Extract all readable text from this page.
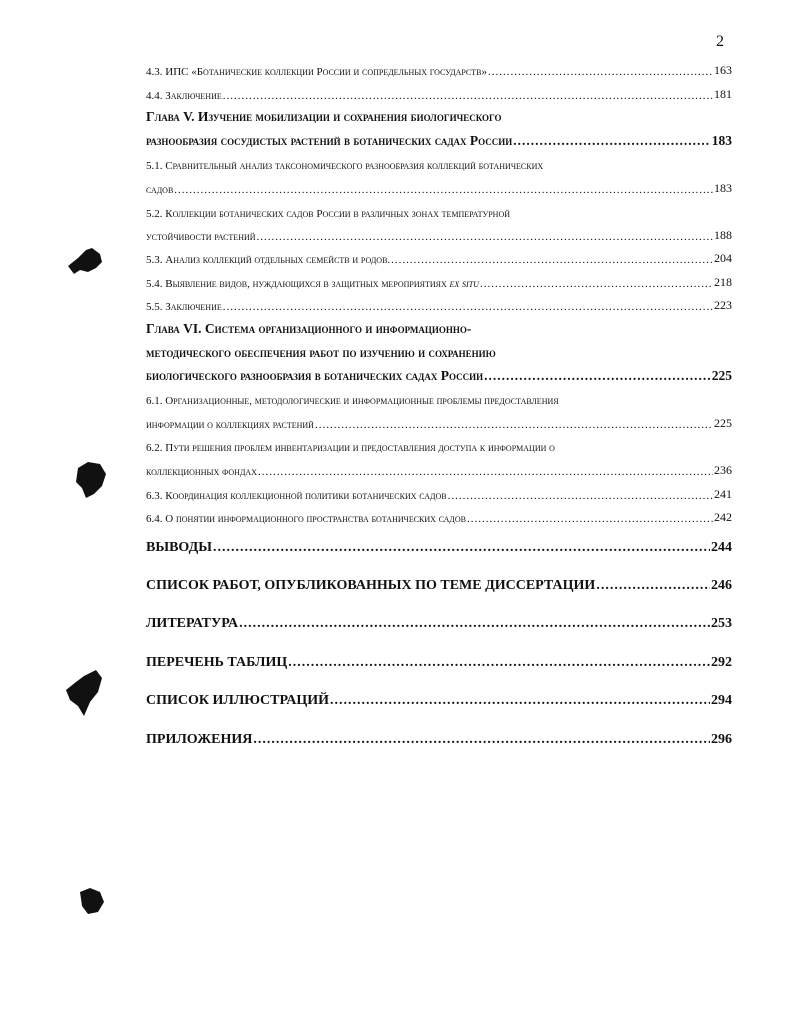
2
4.3. ИПС «Ботанические коллекции России и сопредельных государств» .....	163
4.4. Заключение .....	181
Глава V. Изучение мобилизации и сохранения биологического
разнообразия сосудистых растений в ботанических садах России .....	183
5.1. Сравнительный анализ таксономического разнообразия коллекций ботанических
садов .....	183
5.2. Коллекции ботанических садов России в различных зонах температурной
устойчивости растений .....	188
5.3. Анализ коллекций отдельных семейств и родов. .....	204
5.4. Выявление видов, нуждающихся в защитных мероприятиях ex situ .....	218
5.5. Заключение .....	223
Глава VI. Система организационного и информационно-
методического обеспечения работ по изучению и сохранению
биологического разнообразия в ботанических садах России .....	225
6.1. Организационные, методологические и информационные проблемы предоставления
информации о коллекциях растений .....	225
6.2. Пути решения проблем инвентаризации и предоставления доступа к информации о
коллекционных фондах .....	236
6.3. Координация коллекционной политики ботанических садов .....	241
6.4. О понятии информационного пространства ботанических садов .....	242
ВЫВОДЫ .....	244
СПИСОК РАБОТ, ОПУБЛИКОВАННЫХ ПО ТЕМЕ ДИССЕРТАЦИИ .....	246
ЛИТЕРАТУРА .....	253
ПЕРЕЧЕНЬ ТАБЛИЦ .....	292
СПИСОК ИЛЛЮСТРАЦИЙ .....	294
ПРИЛОЖЕНИЯ .....	296
